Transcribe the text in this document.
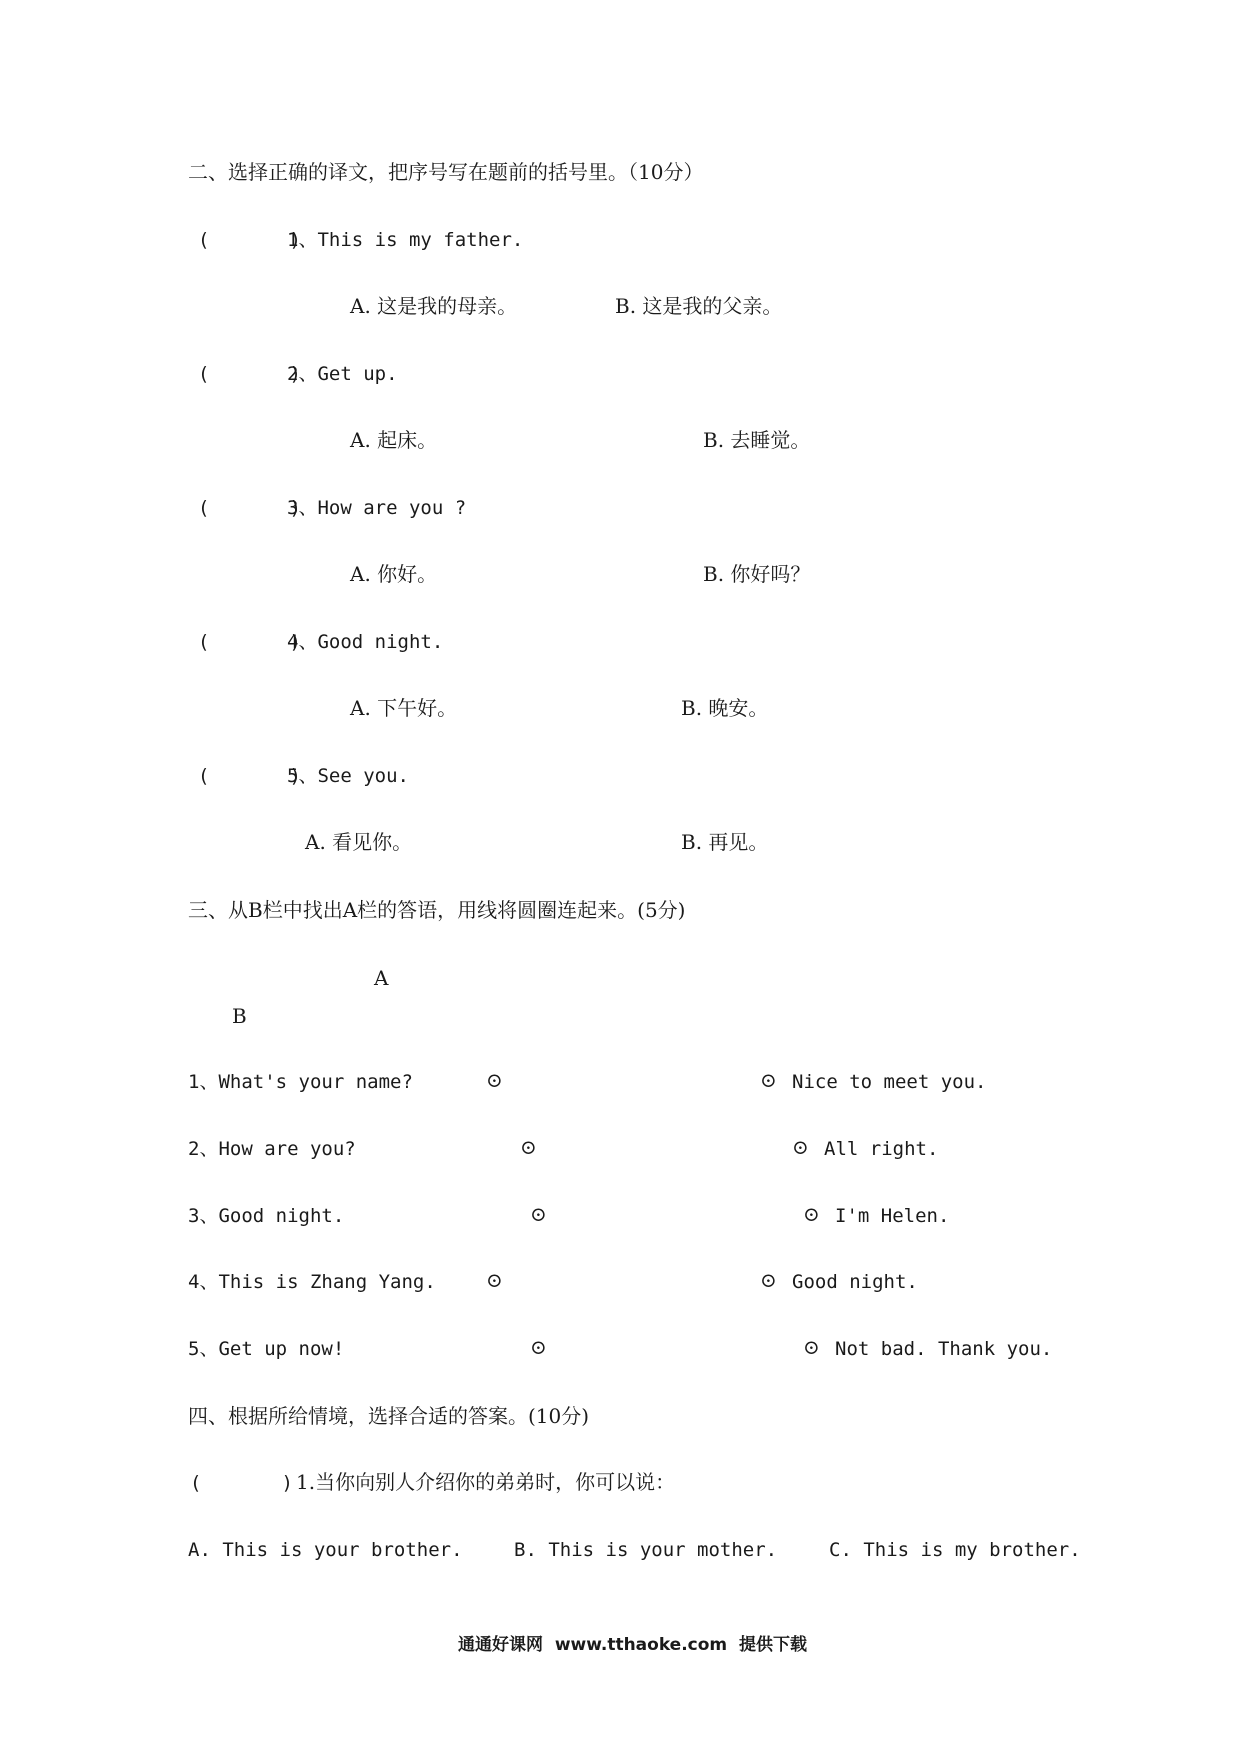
二、选择正确的译文，把序号写在题前的括号里。（10分）
(       )
1、This is my father.
A. 这是我的母亲。	B. 这是我的父亲。
(       )
2、Get up.
A. 起床。	B. 去睡觉。
(       )
3、How are you ?
A. 你好。	B. 你好吗？
(       )
4、Good night.
A. 下午好。	B. 晚安。
(       )
5、See you.
A. 看见你。	B. 再见。
三、从B栏中找出A栏的答语，用线将圆圈连起来。(5分)
A
B
1、What's your name?	⊙	⊙ Nice to meet you.
2、How are you?	⊙	⊙ All right.
3、Good night.	⊙	⊙ I'm Helen.
4、This is Zhang Yang.	⊙	⊙ Good night.
5、Get up now!	⊙	⊙ Not bad. Thank you.
四、根据所给情境，选择合适的答案。(10分)
(       ) 1.当你向别人介绍你的弟弟时，你可以说：
A. This is your brother.	B. This is your mother.	C. This is my brother.
通通好课网  www.tthaoke.com  提供下载
